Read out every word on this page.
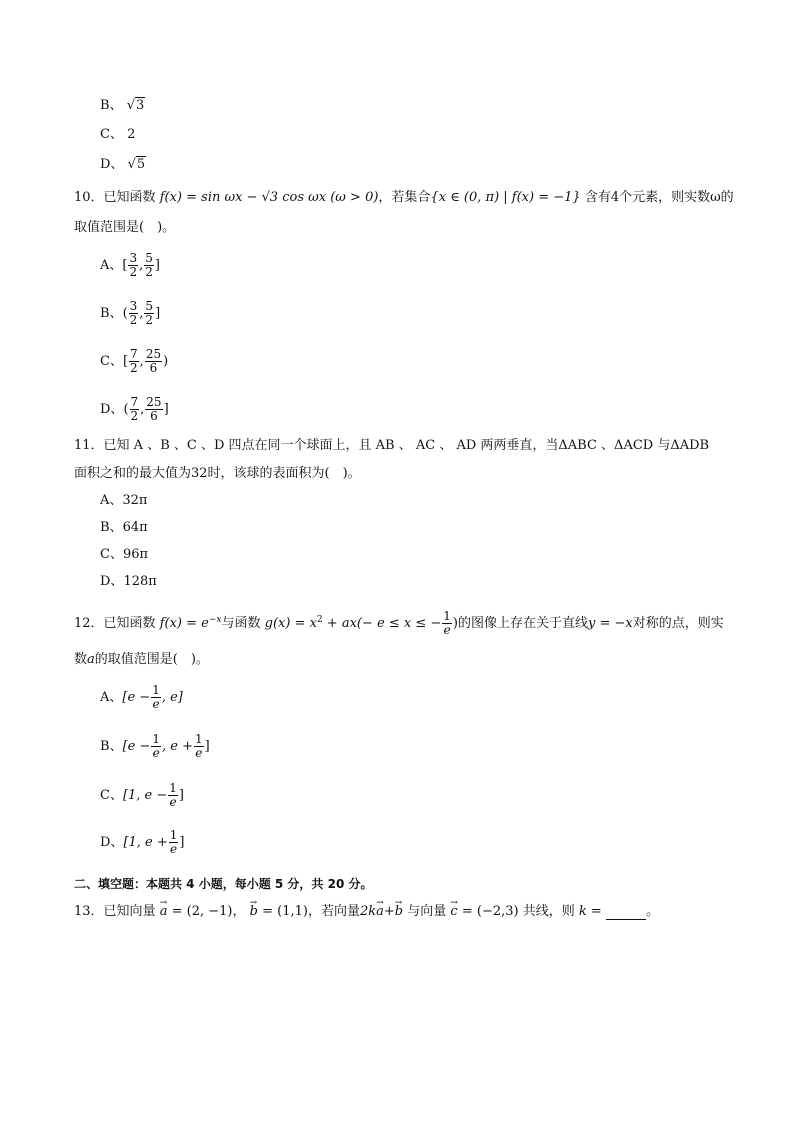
B、 √3
C、 2
D、 √5
10．已知函数 f(x) = sin ωx − √3 cos ωx (ω > 0)，若集合{x ∈ (0, π) | f(x) = −1} 含有4个元素，则实数ω的
取值范围是(　)。
A、[ $\frac{3}{2}$ , $\frac{5}{2}$ ]
B、( $\frac{3}{2}$ , $\frac{5}{2}$ ]
C、[ $\frac{7}{2}$ , $\frac{25}{6}$ )
D、( $\frac{7}{2}$ , $\frac{25}{6}$ ]
11．已知 A 、B 、C 、D 四点在同一个球面上，且 AB 、 AC 、 AD 两两垂直，当ΔABC 、ΔACD 与ΔADB
面积之和的最大值为32时，该球的表面积为(　)。
A、32π
B、64π
C、96π
D、128π
12．已知函数 $f(x) = e^{-x}$与函数 $g(x) = x^2 + ax(- e \le x$ ≤ − $\frac{1}{e}$ )的图像上存在关于直线y = −x对称的点，则实
数a的取值范围是(　)。
A、[$e - \frac{1}{e}$ , e]
B、[$e - \frac{1}{e}$ , $e + \frac{1}{e}$ ]
C、[1, $e - \frac{1}{e}$ ]
D、[1, $e + \frac{1}{e}$ ]
二、填空题：本题共 4 小题，每小题 5 分，共 20 分。
13．已知向量 → a = (2, −1)， → b = (1,1)，若向量2k→ a+→ b 与向量 → c = (−2,3) 共线，则 k =	。
